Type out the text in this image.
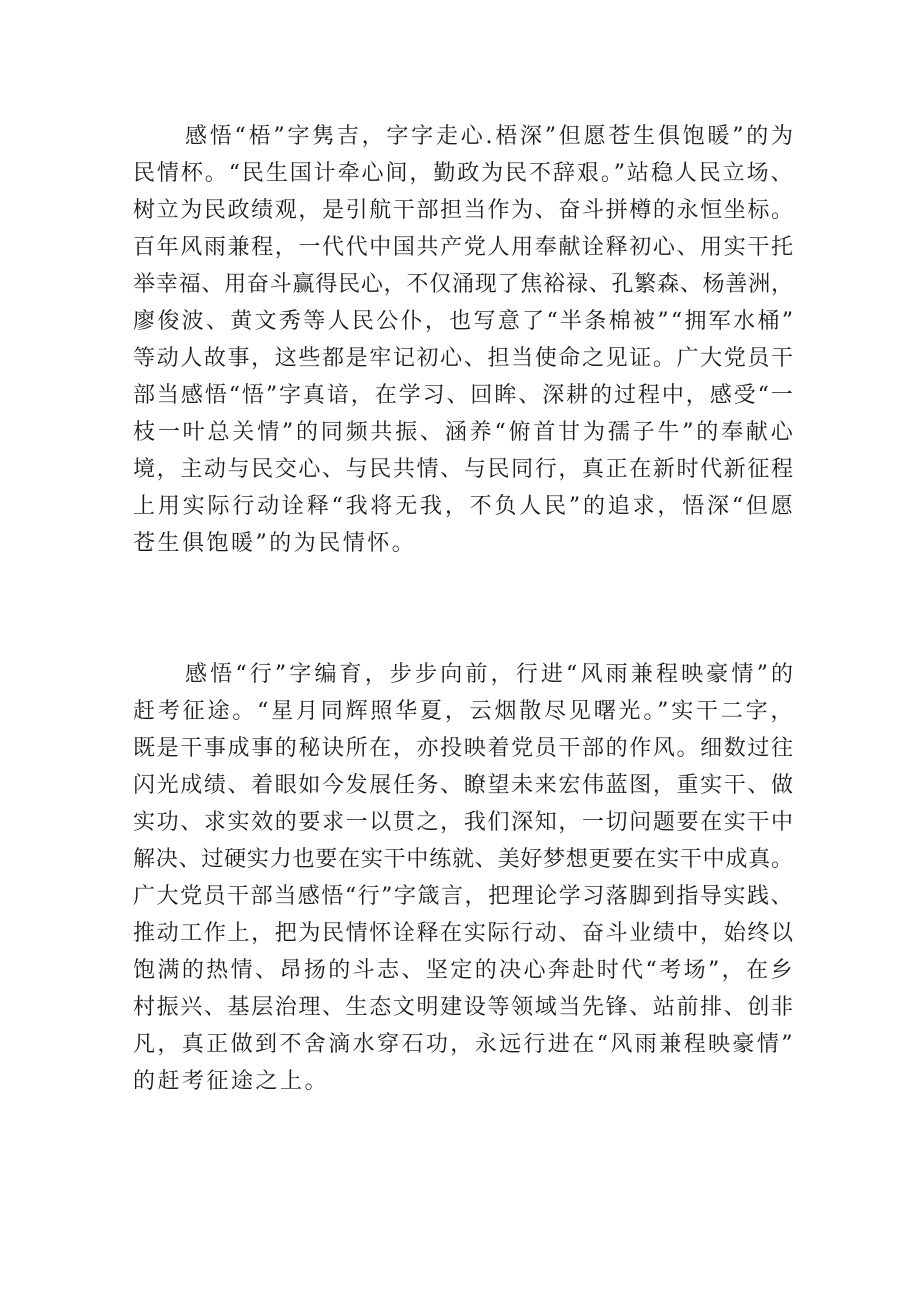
感悟“梧”字隽吉，字字走心.梧深”但愿苍生俱饱暖”的为
民情杯。“民生国计牵心间，勤政为民不辞艰。”站稳人民立场、
树立为民政绩观，是引航干部担当作为、奋斗拼樽的永恒坐标。
百年风雨兼程，一代代中国共产党人用奉献诠释初心、用实干托
举幸福、用奋斗赢得民心，不仅涌现了焦裕禄、孔繁森、杨善洲，
廖俊波、黄文秀等人民公仆，也写意了“半条棉被”“拥军水桶”
等动人故事，这些都是牢记初心、担当使命之见证。广大党员干
部当感悟“悟”字真谙，在学习、回眸、深耕的过程中，感受“一
枝一叶总关情”的同频共振、涵养“俯首甘为孺子牛”的奉献心
境，主动与民交心、与民共情、与民同行，真正在新时代新征程
上用实际行动诠释“我将无我，不负人民”的追求，悟深“但愿
苍生俱饱暖”的为民情怀。
感悟“行”字编育，步步向前，行进“风雨兼程映豪情”的
赶考征途。“星月同辉照华夏，云烟散尽见曙光。”实干二字，
既是干事成事的秘诀所在，亦投映着党员干部的作风。细数过往
闪光成绩、着眼如今发展任务、瞭望未来宏伟蓝图，重实干、做
实功、求实效的要求一以贯之，我们深知，一切问题要在实干中
解决、过硬实力也要在实干中练就、美好梦想更要在实干中成真。
广大党员干部当感悟“行”字箴言，把理论学习落脚到指导实践、
推动工作上，把为民情怀诠释在实际行动、奋斗业绩中，始终以
饱满的热情、昂扬的斗志、坚定的决心奔赴时代“考场”，在乡
村振兴、基层治理、生态文明建设等领域当先锋、站前排、创非
凡，真正做到不舍滴水穿石功，永远行进在“风雨兼程映豪情”
的赶考征途之上。
